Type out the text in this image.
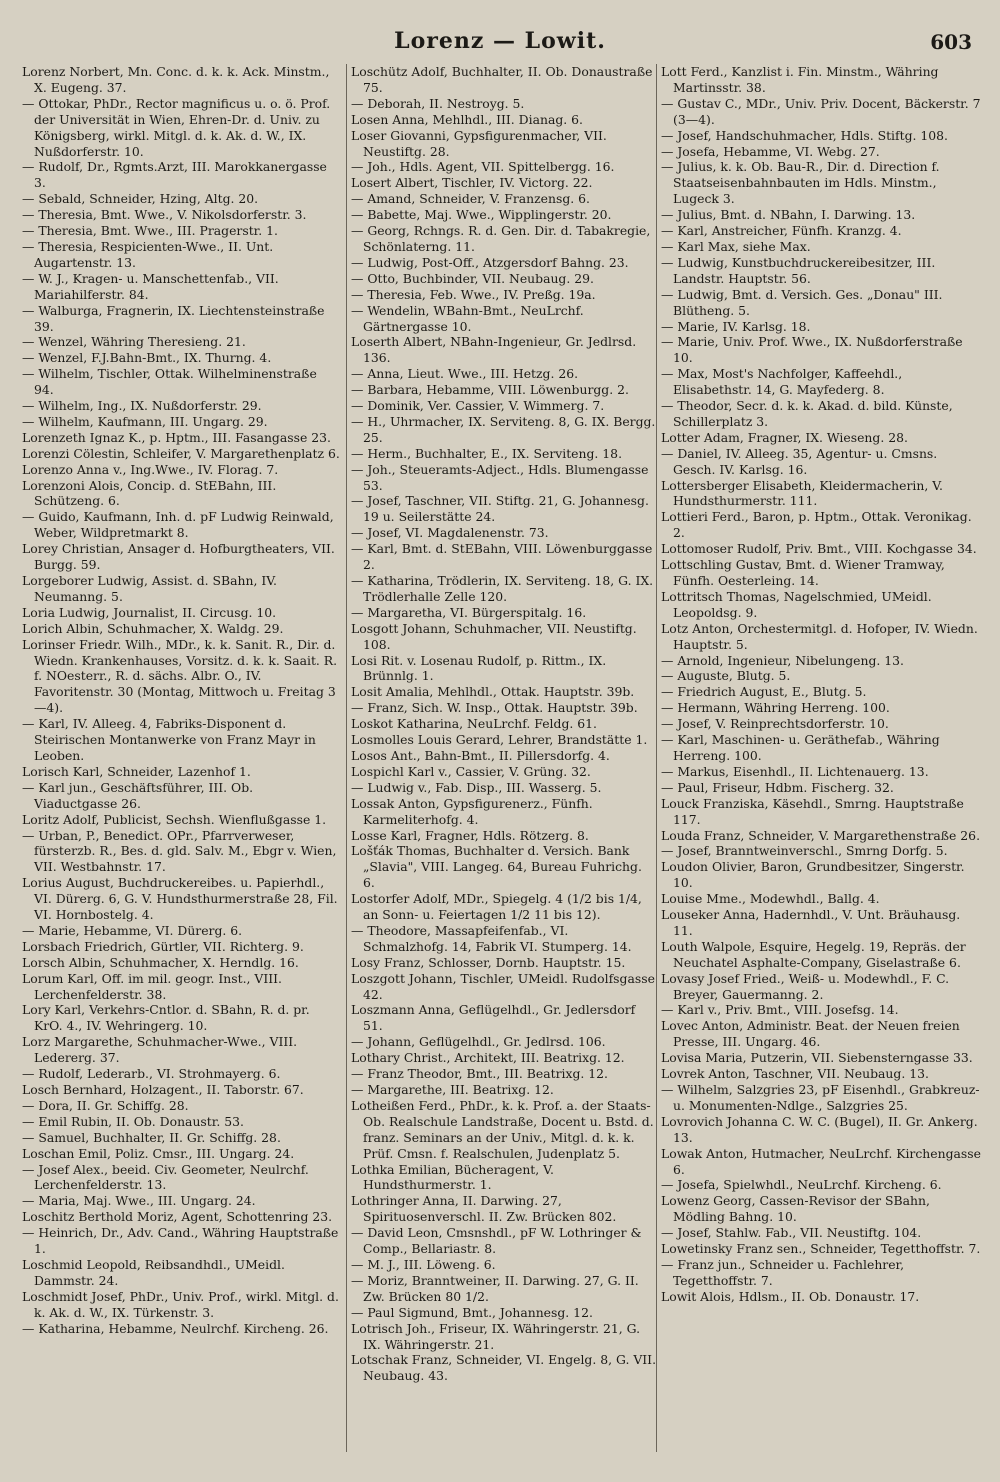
Lorenz — Lowit.	603
Lorenz Norbert, Mn. Conc. d. k. k. Ack. Minstm., X. Eugeng. 37.
— Ottokar, PhDr., Rector magnificus u. o. ö. Prof. der Universität in Wien, Ehren-Dr. d. Univ. zu Königsberg, wirkl. Mitgl. d. k. Ak. d. W., IX. Nußdorferstr. 10.
— Rudolf, Dr., Rgmts.Arzt, III. Marokkanergasse 3.
— Sebald, Schneider, Hzing, Altg. 20.
— Theresia, Bmt. Wwe., V. Nikolsdorferstr. 3.
— Theresia, Bmt. Wwe., III. Pragerstr. 1.
— Theresia, Respicienten-Wwe., II. Unt. Augartenstr. 13.
— W. J., Kragen- u. Manschettenfab., VII. Mariahilferstr. 84.
— Walburga, Fragnerin, IX. Liechtensteinstraße 39.
— Wenzel, Währing Theresieng. 21.
— Wenzel, F.J.Bahn-Bmt., IX. Thurng. 4.
— Wilhelm, Tischler, Ottak. Wilhelminenstraße 94.
— Wilhelm, Ing., IX. Nußdorferstr. 29.
— Wilhelm, Kaufmann, III. Ungarg. 29.
Lorenzeth Ignaz K., p. Hptm., III. Fasangasse 23.
Lorenzi Cölestin, Schleifer, V. Margarethenplatz 6.
Lorenzo Anna v., Ing.Wwe., IV. Florag. 7.
Lorenzoni Alois, Concip. d. StEBahn, III. Schützeng. 6.
— Guido, Kaufmann, Inh. d. pF Ludwig Reinwald, Weber, Wildpretmarkt 8.
Lorey Christian, Ansager d. Hofburgtheaters, VII. Burgg. 59.
Lorgeborer Ludwig, Assist. d. SBahn, IV. Neumanng. 5.
Loria Ludwig, Journalist, II. Circusg. 10.
Lorich Albin, Schuhmacher, X. Waldg. 29.
Lorinser Friedr. Wilh., MDr., k. k. Sanit. R., Dir. d. Wiedn. Krankenhauses, Vorsitz. d. k. k. Saait. R. f. NOesterr., R. d. sächs. Albr. O., IV. Favoritenstr. 30 (Montag, Mittwoch u. Freitag 3—4).
— Karl, IV. Alleeg. 4, Fabriks-Disponent d. Steirischen Montanwerke von Franz Mayr in Leoben.
Lorisch Karl, Schneider, Lazenhof 1.
— Karl jun., Geschäftsführer, III. Ob. Viaductgasse 26.
Loritz Adolf, Publicist, Sechsh. Wienflußgasse 1.
— Urban, P., Benedict. OPr., Pfarrverweser, fürsterzb. R., Bes. d. gld. Salv. M., Ebgr v. Wien, VII. Westbahnstr. 17.
Lorius August, Buchdruckereibes. u. Papierhdl., VI. Dürerg. 6, G. V. Hundsthurmerstraße 28, Fil. VI. Hornbostelg. 4.
— Marie, Hebamme, VI. Dürerg. 6.
Lorsbach Friedrich, Gürtler, VII. Richterg. 9.
Lorsch Albin, Schuhmacher, X. Herndlg. 16.
Lorum Karl, Off. im mil. geogr. Inst., VIII. Lerchenfelderstr. 38.
Lory Karl, Verkehrs-Cntlor. d. SBahn, R. d. pr. KrO. 4., IV. Wehringerg. 10.
Lorz Margarethe, Schuhmacher-Wwe., VIII. Ledererg. 37.
— Rudolf, Lederarb., VI. Strohmayerg. 6.
Losch Bernhard, Holzagent., II. Taborstr. 67.
— Dora, II. Gr. Schiffg. 28.
— Emil Rubin, II. Ob. Donaustr. 53.
— Samuel, Buchhalter, II. Gr. Schiffg. 28.
Loschan Emil, Poliz. Cmsr., III. Ungarg. 24.
— Josef Alex., beeid. Civ. Geometer, Neulrchf. Lerchenfelderstr. 13.
— Maria, Maj. Wwe., III. Ungarg. 24.
Loschitz Berthold Moriz, Agent, Schottenring 23.
— Heinrich, Dr., Adv. Cand., Währing Hauptstraße 1.
Loschmid Leopold, Reibsandhdl., UMeidl. Dammstr. 24.
Loschmidt Josef, PhDr., Univ. Prof., wirkl. Mitgl. d. k. Ak. d. W., IX. Türkenstr. 3.
— Katharina, Hebamme, Neulrchf. Kircheng. 26.
Loschütz Adolf, Buchhalter, II. Ob. Donaustraße 75.
— Deborah, II. Nestroyg. 5.
Losen Anna, Mehlhdl., III. Dianag. 6.
Loser Giovanni, Gypsfigurenmacher, VII. Neustiftg. 28.
— Joh., Hdls. Agent, VII. Spittelbergg. 16.
Losert Albert, Tischler, IV. Victorg. 22.
— Amand, Schneider, V. Franzensg. 6.
— Babette, Maj. Wwe., Wipplingerstr. 20.
— Georg, Rchngs. R. d. Gen. Dir. d. Tabakregie, Schönlaterng. 11.
— Ludwig, Post-Off., Atzgersdorf Bahng. 23.
— Otto, Buchbinder, VII. Neubaug. 29.
— Theresia, Feb. Wwe., IV. Preßg. 19a.
— Wendelin, WBahn-Bmt., NeuLrchf. Gärtnergasse 10.
Loserth Albert, NBahn-Ingenieur, Gr. Jedlrsd. 136.
— Anna, Lieut. Wwe., III. Hetzg. 26.
— Barbara, Hebamme, VIII. Löwenburgg. 2.
— Dominik, Ver. Cassier, V. Wimmerg. 7.
— H., Uhrmacher, IX. Serviteng. 8, G. IX. Bergg. 25.
— Herm., Buchhalter, E., IX. Serviteng. 18.
— Joh., Steueramts-Adject., Hdls. Blumengasse 53.
— Josef, Taschner, VII. Stiftg. 21, G. Johannesg. 19 u. Seilerstätte 24.
— Josef, VI. Magdalenenstr. 73.
— Karl, Bmt. d. StEBahn, VIII. Löwenburggasse 2.
— Katharina, Trödlerin, IX. Serviteng. 18, G. IX. Trödlerhalle Zelle 120.
— Margaretha, VI. Bürgerspitalg. 16.
Losgott Johann, Schuhmacher, VII. Neustiftg. 108.
Losi Rit. v. Losenau Rudolf, p. Rittm., IX. Brünnlg. 1.
Losit Amalia, Mehlhdl., Ottak. Hauptstr. 39b.
— Franz, Sich. W. Insp., Ottak. Hauptstr. 39b.
Loskot Katharina, NeuLrchf. Feldg. 61.
Losmolles Louis Gerard, Lehrer, Brandstätte 1.
Losos Ant., Bahn-Bmt., II. Pillersdorfg. 4.
Lospichl Karl v., Cassier, V. Grüng. 32.
— Ludwig v., Fab. Disp., III. Wasserg. 5.
Lossak Anton, Gypsfigurenerz., Fünfh. Karmeliterhofg. 4.
Losse Karl, Fragner, Hdls. Rötzerg. 8.
Lošťák Thomas, Buchhalter d. Versich. Bank „Slavia", VIII. Langeg. 64, Bureau Fuhrichg. 6.
Lostorfer Adolf, MDr., Spiegelg. 4 (1/2 bis 1/4, an Sonn- u. Feiertagen 1/2 11 bis 12).
— Theodore, Massapfeifenfab., VI. Schmalzhofg. 14, Fabrik VI. Stumperg. 14.
Losy Franz, Schlosser, Dornb. Hauptstr. 15.
Loszgott Johann, Tischler, UMeidl. Rudolfsgasse 42.
Loszmann Anna, Geflügelhdl., Gr. Jedlersdorf 51.
— Johann, Geflügelhdl., Gr. Jedlrsd. 106.
Lothary Christ., Architekt, III. Beatrixg. 12.
— Franz Theodor, Bmt., III. Beatrixg. 12.
— Margarethe, III. Beatrixg. 12.
Lotheißen Ferd., PhDr., k. k. Prof. a. der Staats-Ob. Realschule Landstraße, Docent u. Bstd. d. franz. Seminars an der Univ., Mitgl. d. k. k. Prüf. Cmsn. f. Realschulen, Judenplatz 5.
Lothka Emilian, Bücheragent, V. Hundsthurmerstr. 1.
Lothringer Anna, II. Darwing. 27, Spirituosenverschl. II. Zw. Brücken 802.
— David Leon, Cmsnshdl., pF W. Lothringer & Comp., Bellariastr. 8.
— M. J., III. Löweng. 6.
— Moriz, Branntweiner, II. Darwing. 27, G. II. Zw. Brücken 80 1/2.
— Paul Sigmund, Bmt., Johannesg. 12.
Lotrisch Joh., Friseur, IX. Währingerstr. 21, G. IX. Währingerstr. 21.
Lotschak Franz, Schneider, VI. Engelg. 8, G. VII. Neubaug. 43.
Lott Ferd., Kanzlist i. Fin. Minstm., Währing Martinsstr. 38.
— Gustav C., MDr., Univ. Priv. Docent, Bäckerstr. 7 (3—4).
— Josef, Handschuhmacher, Hdls. Stiftg. 108.
— Josefa, Hebamme, VI. Webg. 27.
— Julius, k. k. Ob. Bau-R., Dir. d. Direction f. Staatseisenbahnbauten im Hdls. Minstm., Lugeck 3.
— Julius, Bmt. d. NBahn, I. Darwing. 13.
— Karl, Anstreicher, Fünfh. Kranzg. 4.
— Karl Max, siehe Max.
— Ludwig, Kunstbuchdruckereibesitzer, III. Landstr. Hauptstr. 56.
— Ludwig, Bmt. d. Versich. Ges. „Donau" III. Blütheng. 5.
— Marie, IV. Karlsg. 18.
— Marie, Univ. Prof. Wwe., IX. Nußdorferstraße 10.
— Max, Most's Nachfolger, Kaffeehdl., Elisabethstr. 14, G. Mayfederg. 8.
— Theodor, Secr. d. k. k. Akad. d. bild. Künste, Schillerplatz 3.
Lotter Adam, Fragner, IX. Wieseng. 28.
— Daniel, IV. Alleeg. 35, Agentur- u. Cmsns. Gesch. IV. Karlsg. 16.
Lottersberger Elisabeth, Kleidermacherin, V. Hundsthurmerstr. 111.
Lottieri Ferd., Baron, p. Hptm., Ottak. Veronikag. 2.
Lottomoser Rudolf, Priv. Bmt., VIII. Kochgasse 34.
Lottschling Gustav, Bmt. d. Wiener Tramway, Fünfh. Oesterleing. 14.
Lottritsch Thomas, Nagelschmied, UMeidl. Leopoldsg. 9.
Lotz Anton, Orchestermitgl. d. Hofoper, IV. Wiedn. Hauptstr. 5.
— Arnold, Ingenieur, Nibelungeng. 13.
— Auguste, Blutg. 5.
— Friedrich August, E., Blutg. 5.
— Hermann, Währing Herreng. 100.
— Josef, V. Reinprechtsdorferstr. 10.
— Karl, Maschinen- u. Geräthefab., Währing Herreng. 100.
— Markus, Eisenhdl., II. Lichtenauerg. 13.
— Paul, Friseur, Hdbm. Fischerg. 32.
Louck Franziska, Käsehdl., Smrng. Hauptstraße 117.
Louda Franz, Schneider, V. Margarethenstraße 26.
— Josef, Branntweinverschl., Smrng Dorfg. 5.
Loudon Olivier, Baron, Grundbesitzer, Singerstr. 10.
Louise Mme., Modewhdl., Ballg. 4.
Louseker Anna, Hadernhdl., V. Unt. Bräuhausg. 11.
Louth Walpole, Esquire, Hegelg. 19, Repräs. der Neuchatel Asphalte-Company, Giselastraße 6.
Lovasy Josef Fried., Weiß- u. Modewhdl., F. C. Breyer, Gauermanng. 2.
— Karl v., Priv. Bmt., VIII. Josefsg. 14.
Lovec Anton, Administr. Beat. der Neuen freien Presse, III. Ungarg. 46.
Lovisa Maria, Putzerin, VII. Siebensterngasse 33.
Lovrek Anton, Taschner, VII. Neubaug. 13.
— Wilhelm, Salzgries 23, pF Eisenhdl., Grabkreuz- u. Monumenten-Ndlge., Salzgries 25.
Lovrovich Johanna C. W. C. (Bugel), II. Gr. Ankerg. 13.
Lowak Anton, Hutmacher, NeuLrchf. Kirchengasse 6.
— Josefa, Spielwhdl., NeuLrchf. Kircheng. 6.
Lowenz Georg, Cassen-Revisor der SBahn, Mödling Bahng. 10.
— Josef, Stahlw. Fab., VII. Neustiftg. 104.
Lowetinsky Franz sen., Schneider, Tegetthoffstr. 7.
— Franz jun., Schneider u. Fachlehrer, Tegetthoffstr. 7.
Lowit Alois, Hdlsm., II. Ob. Donaustr. 17.
